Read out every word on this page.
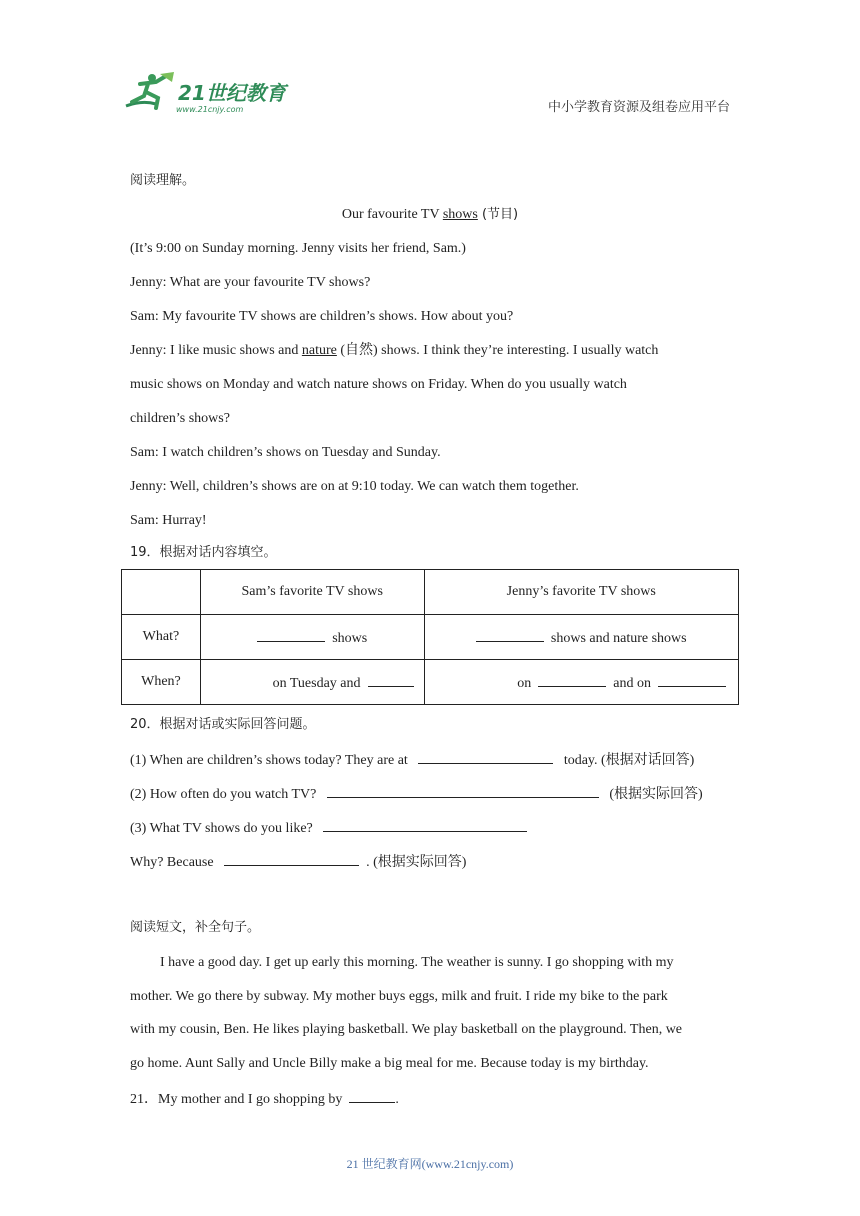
21世纪教育
www.21cnjy.com	中小学教育资源及组卷应用平台
阅读理解。
Our favourite TV shows (节目)
(It’s 9:00 on Sunday morning. Jenny visits her friend, Sam.)
Jenny: What are your favourite TV shows?
Sam: My favourite TV shows are children’s shows. How about you?
Jenny: I like music shows and nature (自然) shows. I think they’re interesting. I usually watch
music shows on Monday and watch nature shows on Friday. When do you usually watch
children’s shows?
Sam: I watch children’s shows on Tuesday and Sunday.
Jenny: Well, children’s shows are on at 9:10 today. We can watch them together.
Sam: Hurray!
19．根据对话内容填空。
	Sam’s favorite TV shows	Jenny’s favorite TV shows
What?	shows	shows and nature shows
When?	on Tuesday and	on and on
20．根据对话或实际回答问题。
(1) When are children’s shows today? They are at	today. (根据对话回答)
(2) How often do you watch TV?	(根据实际回答)
(3) What TV shows do you like?
Why? Because	. (根据实际回答)
阅读短文，补全句子。
I have a good day. I get up early this morning. The weather is sunny. I go shopping with my
mother. We go there by subway. My mother buys eggs, milk and fruit. I ride my bike to the park
with my cousin, Ben. He likes playing basketball. We play basketball on the playground. Then, we
go home. Aunt Sally and Uncle Billy make a big meal for me. Because today is my birthday.
21．My mother and I go shopping by	.
21 世纪教育网(www.21cnjy.com)
